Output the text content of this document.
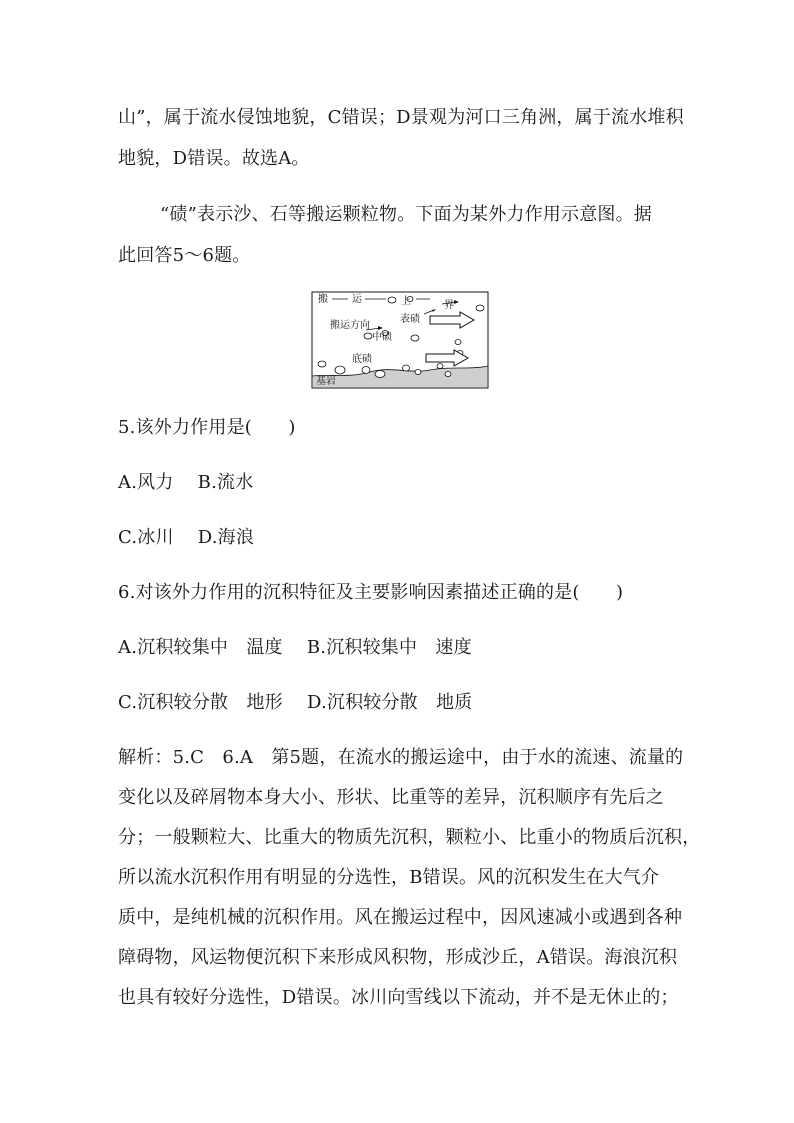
山”，属于流水侵蚀地貌，C错误；D景观为河口三角洲，属于流水堆积
地貌，D错误。故选A。
“碛”表示沙、石等搬运颗粒物。下面为某外力作用示意图。据
此回答5～6题。
搬 运	上	界
表碛
搬运方向
中碛
底碛
基岩
5.该外力作用是(　　)
A.风力　 B.流水
C.冰川　 D.海浪
6.对该外力作用的沉积特征及主要影响因素描述正确的是(　　)
A.沉积较集中　温度　 B.沉积较集中　速度
C.沉积较分散　地形　 D.沉积较分散　地质
解析：5.C　6.A　第5题，在流水的搬运途中，由于水的流速、流量的
变化以及碎屑物本身大小、形状、比重等的差异，沉积顺序有先后之
分；一般颗粒大、比重大的物质先沉积，颗粒小、比重小的物质后沉积，
所以流水沉积作用有明显的分选性，B错误。风的沉积发生在大气介
质中，是纯机械的沉积作用。风在搬运过程中，因风速减小或遇到各种
障碍物，风运物便沉积下来形成风积物，形成沙丘，A错误。海浪沉积
也具有较好分选性，D错误。冰川向雪线以下流动，并不是无休止的；
